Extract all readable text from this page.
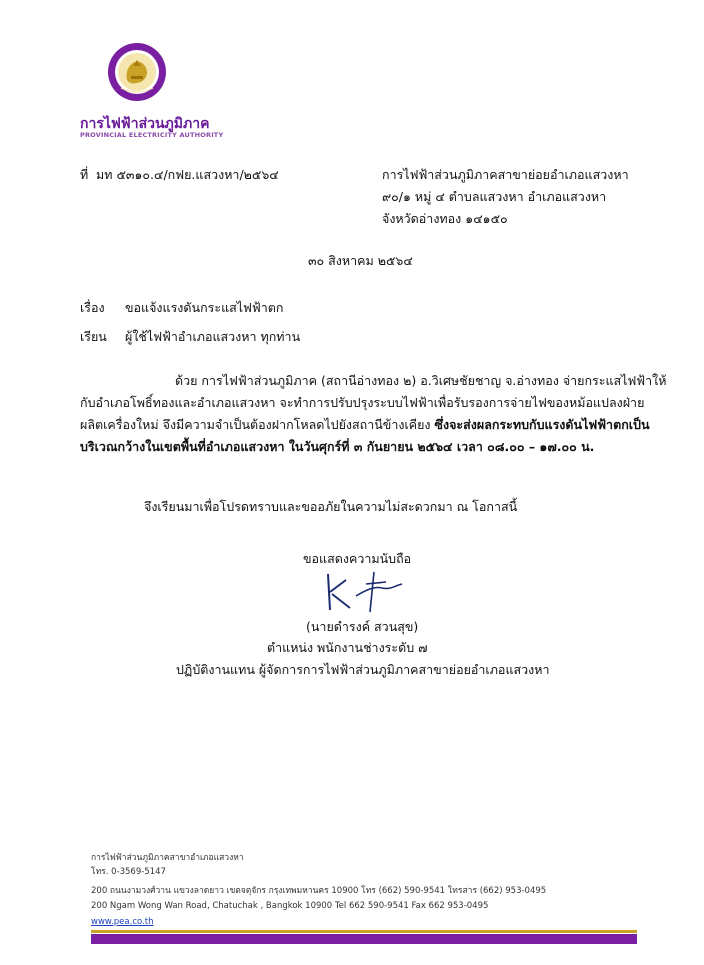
การไฟฟ้าส่วนภูมิภาค
PROVINCIAL ELECTRICITY AUTHORITY
ที่ มท ๕๓๑๐.๔/กฟย.แสวงหา/๒๕๖๔	การไฟฟ้าส่วนภูมิภาคสาขาย่อยอำเภอแสวงหา
๙๐/๑ หมู่ ๔ ตำบลแสวงหา อำเภอแสวงหา
จังหวัดอ่างทอง ๑๔๑๕๐
๓๐ สิงหาคม ๒๕๖๔
เรื่อง ขอแจ้งแรงดันกระแสไฟฟ้าตก
เรียน ผู้ใช้ไฟฟ้าอำเภอแสวงหา ทุกท่าน
ด้วย การไฟฟ้าส่วนภูมิภาค (สถานีอ่างทอง ๒) อ.วิเศษชัยชาญ จ.อ่างทอง จ่ายกระแสไฟฟ้าให้
กับอำเภอโพธิ์ทองและอำเภอแสวงหา จะทำการปรับปรุงระบบไฟฟ้าเพื่อรับรองการจ่ายไฟของหม้อแปลงฝ่าย
ผลิตเครื่องใหม่ จึงมีความจำเป็นต้องฝากโหลดไปยังสถานีข้างเคียง ซึ่งจะส่งผลกระทบกับแรงดันไฟฟ้าตกเป็น
บริเวณกว้างในเขตพื้นที่อำเภอแสวงหา ในวันศุกร์ที่ ๓ กันยายน ๒๕๖๔ เวลา ๐๘.๐๐ – ๑๗.๐๐ น.
จึงเรียนมาเพื่อโปรดทราบและขออภัยในความไม่สะดวกมา ณ โอกาสนี้
ขอแสดงความนับถือ
(นายดำรงค์ สวนสุข)
ตำแหน่ง พนักงานช่างระดับ ๗
ปฏิบัติงานแทน ผู้จัดการการไฟฟ้าส่วนภูมิภาคสาขาย่อยอำเภอแสวงหา
การไฟฟ้าส่วนภูมิภาคสาขาอำเภอแสวงหา
โทร. 0-3569-5147
200 ถนนงามวงศ์วาน แขวงลาดยาว เขตจตุจักร กรุงเทพมหานคร 10900 โทร (662) 590-9541 โทรสาร (662) 953-0495
200 Ngam Wong Wan Road, Chatuchak , Bangkok 10900 Tel 662 590-9541 Fax 662 953-0495
www.pea.co.th
